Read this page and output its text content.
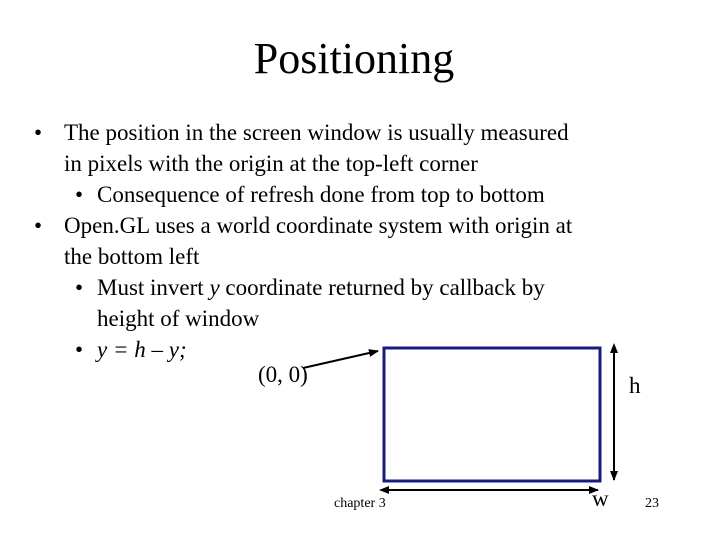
Positioning
• The position in the screen window is usually measured
in pixels with the origin at the top-left corner
• Consequence of refresh done from top to bottom
• Open.GL uses a world coordinate system with origin at
the bottom left
• Must invert y coordinate returned by callback by
height of window
• y = h – y;
(0, 0)	h
w
chapter 3	23
